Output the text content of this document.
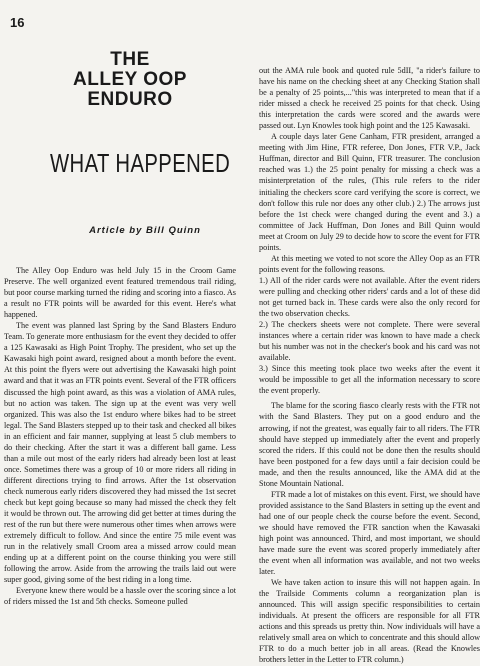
16
THE
ALLEY OOP
ENDURO
WHAT HAPPENED
Article by Bill Quinn

The Alley Oop Enduro was held July 15 in the Croom Game Preserve. The well organized event featured tremendous trail riding, but poor course marking turned the riding and scoring into a fiasco. As a result no FTR points will be awarded for this event. Here's what happened.

The event was planned last Spring by the Sand Blasters Enduro Team. To generate more enthusiasm for the event they decided to offer a 125 Kawasaki as High Point Trophy. The president, who set up the Kawasaki high point award, resigned about a month before the event. At this point the flyers were out advertising the Kawasaki high point award and that it was an FTR points event. Several of the FTR officers discussed the high point award, as this was a violation of AMA rules, but no action was taken. The sign up at the event was very well organized. This was also the 1st enduro where bikes had to be street legal. The Sand Blasters stepped up to their task and checked all bikes in an efficient and fair manner, supplying at least 5 club members to do their checking. After the start it was a different ball game. Less than a mile out most of the early riders had already been lost at least once. Sometimes there was a group of 10 or more riders all riding in different directions trying to find arrows. After the 1st observation check numerous early riders discovered they had missed the 1st secret check but kept going because so many had missed the check they felt it would be thrown out. The arrowing did get better at times during the rest of the run but there were numerous other times when arrows were extremely difficult to follow. And since the entire 75 mile event was run in the relatively small Croom area a missed arrow could mean ending up at a different point on the course thinking you were still following the arrow. Aside from the arrowing the trails laid out were super good, giving some of the best riding in a long time.

Everyone knew there would be a hassle over the scoring since a lot of riders missed the 1st and 5th checks. Someone pulled

out the AMA rule book and quoted rule 5dII, "a rider's failure to have his name on the checking sheet at any Checking Station shall be a penalty of 25 points,..."this was interpreted to mean that if a rider missed a check he received 25 points for that check. Using this interpretation the cards were scored and the awards were passed out. Lyn Knowles took high point and the 125 Kawasaki.

A couple days later Gene Canham, FTR president, arranged a meeting with Jim Hine, FTR referee, Don Jones, FTR V.P., Jack Huffman, director and Bill Quinn, FTR treasurer. The conclusion reached was 1.) the 25 point penalty for missing a check was a misinterpretation of the rules, (This rule refers to the rider initialing the checkers score card verifying the score is correct, we don't follow this rule nor does any other club.) 2.) The arrows just before the 1st check were changed during the event and 3.) a committee of Jack Huffman, Don Jones and Bill Quinn would meet at Croom on July 29 to decide how to score the event for FTR points.

At this meeting we voted to not score the Alley Oop as an FTR points event for the following reasons.

1.) All of the rider cards were not available. After the event riders were pulling and checking other riders' cards and a lot of these did not get turned back in. These cards were also the only record for the two observation checks.

2.) The checkers sheets were not complete. There were several instances where a certain rider was known to have made a check but his number was not in the checker's book and his card was not available.

3.) Since this meeting took place two weeks after the event it would be impossible to get all the information necessary to score the event properly.

The blame for the scoring fiasco clearly rests with the FTR not with the Sand Blasters. They put on a good enduro and the arrowing, if not the greatest, was equally fair to all riders. The FTR should have stepped up immediately after the event and properly scored the riders. If this could not be done then the results should have been postponed for a few days until a fair decision could be made, and then the results announced, like the AMA did at the Stone Mountain National.

FTR made a lot of mistakes on this event. First, we should have provided assistance to the Sand Blasters in setting up the event and had one of our people check the course before the event. Second, we should have removed the FTR sanction when the Kawasaki high point was announced. Third, and most important, we should have made sure the event was scored properly immediately after the event when all information was available, and not two weeks later.

We have taken action to insure this will not happen again. In the Trailside Comments column a reorganization plan is announced. This will assign specific responsibilities to certain individuals. At present the officers are responsible for all FTR actions and this spreads us pretty thin. Now individuals will have a relatively small area on which to concentrate and this should allow FTR to do a much better job in all areas. (Read the Knowles brothers letter in the Letter to FTR column.)
